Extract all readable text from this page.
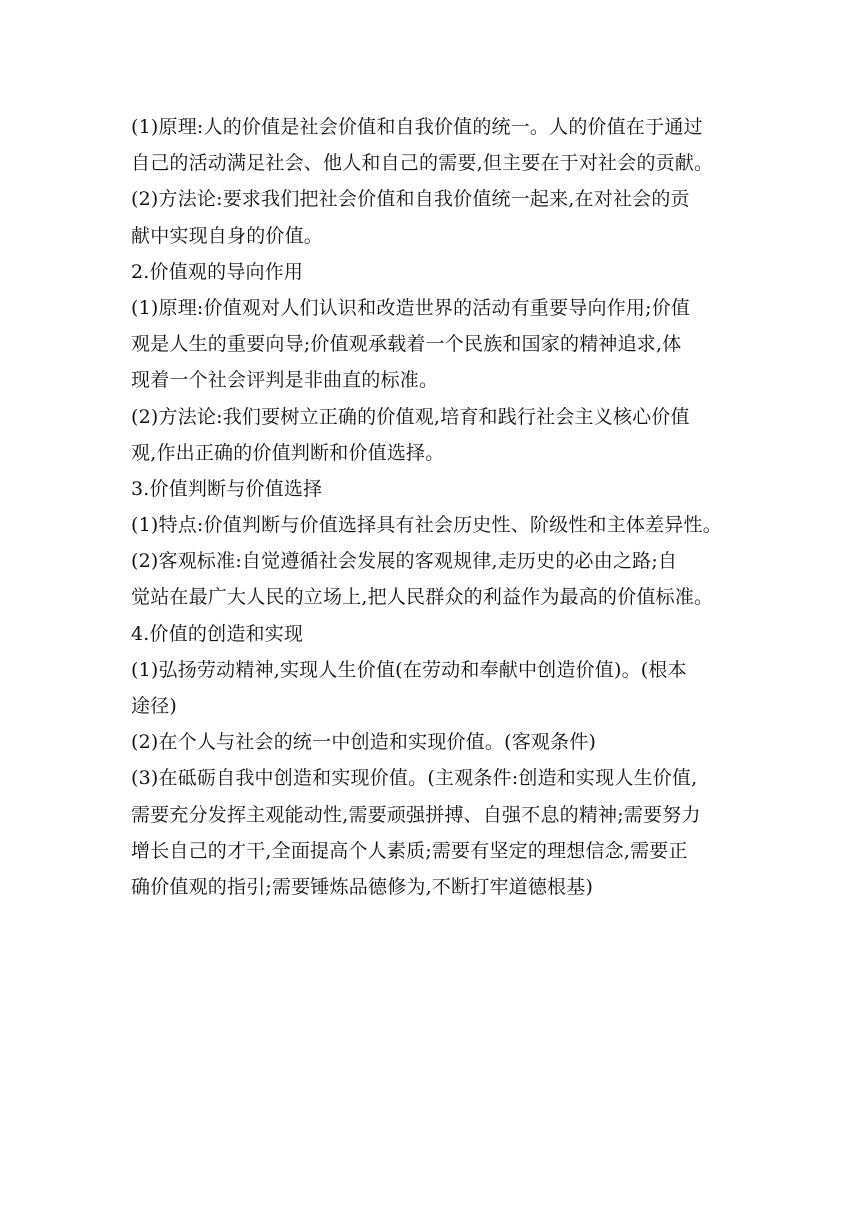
(1)原理:人的价值是社会价值和自我价值的统一。人的价值在于通过
自己的活动满足社会、他人和自己的需要,但主要在于对社会的贡献。
(2)方法论:要求我们把社会价值和自我价值统一起来,在对社会的贡
献中实现自身的价值。
2.价值观的导向作用
(1)原理:价值观对人们认识和改造世界的活动有重要导向作用;价值
观是人生的重要向导;价值观承载着一个民族和国家的精神追求,体
现着一个社会评判是非曲直的标准。
(2)方法论:我们要树立正确的价值观,培育和践行社会主义核心价值
观,作出正确的价值判断和价值选择。
3.价值判断与价值选择
(1)特点:价值判断与价值选择具有社会历史性、阶级性和主体差异性。
(2)客观标准:自觉遵循社会发展的客观规律,走历史的必由之路;自
觉站在最广大人民的立场上,把人民群众的利益作为最高的价值标准。
4.价值的创造和实现
(1)弘扬劳动精神,实现人生价值(在劳动和奉献中创造价值)。(根本
途径)
(2)在个人与社会的统一中创造和实现价值。(客观条件)
(3)在砥砺自我中创造和实现价值。(主观条件:创造和实现人生价值,
需要充分发挥主观能动性,需要顽强拼搏、自强不息的精神;需要努力
增长自己的才干,全面提高个人素质;需要有坚定的理想信念,需要正
确价值观的指引;需要锤炼品德修为,不断打牢道德根基)
